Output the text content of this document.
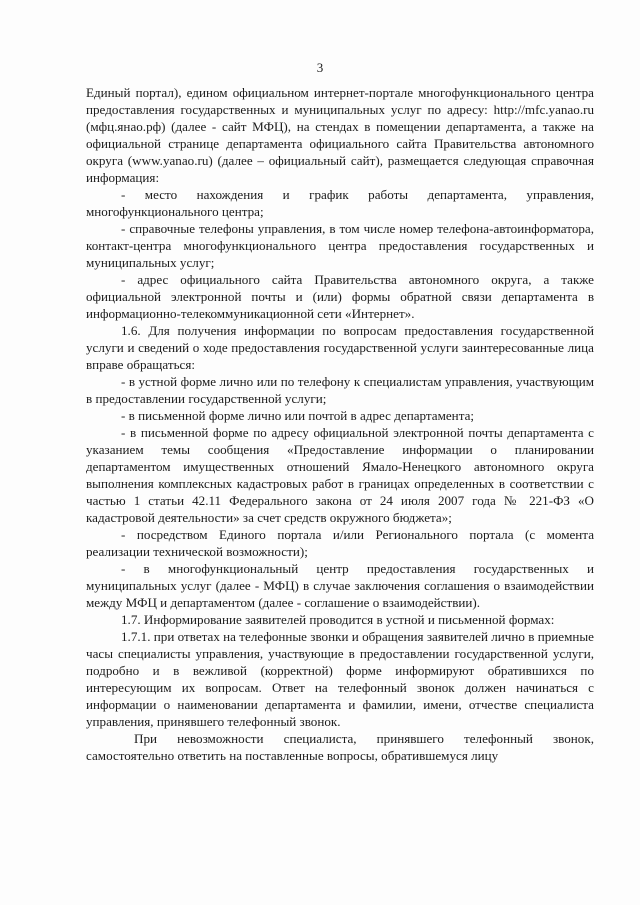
3

Единый портал), едином официальном интернет-портале многофункционального центра предоставления государственных и муниципальных услуг по адресу: http://mfc.yanao.ru (мфц.янао.рф) (далее - сайт МФЦ), на стендах в помещении департамента, а также на официальной странице департамента официального сайта Правительства автономного округа (www.yanao.ru) (далее – официальный сайт), размещается следующая справочная информация:

- место нахождения и график работы департамента, управления, многофункционального центра;

- справочные телефоны управления, в том числе номер телефона-автоинформатора, контакт-центра многофункционального центра предоставления государственных и муниципальных услуг;

- адрес официального сайта Правительства автономного округа, а также официальной электронной почты и (или) формы обратной связи департамента в информационно-телекоммуникационной сети «Интернет».

1.6. Для получения информации по вопросам предоставления государственной услуги и сведений о ходе предоставления государственной услуги заинтересованные лица вправе обращаться:

- в устной форме лично или по телефону к специалистам управления, участвующим в предоставлении государственной услуги;

- в письменной форме лично или почтой в адрес департамента;

- в письменной форме по адресу официальной электронной почты департамента с указанием темы сообщения «Предоставление информации о планировании департаментом имущественных отношений Ямало-Ненецкого автономного округа выполнения комплексных кадастровых работ в границах определенных в соответствии с частью 1 статьи 42.11 Федерального закона от 24 июля 2007 года № 221-ФЗ «О кадастровой деятельности» за счет средств окружного бюджета»;

- посредством Единого портала и/или Регионального портала (с момента реализации технической возможности);

- в многофункциональный центр предоставления государственных и муниципальных услуг (далее - МФЦ) в случае заключения соглашения о взаимодействии между МФЦ и департаментом (далее - соглашение о взаимодействии).

1.7. Информирование заявителей проводится в устной и письменной формах:

1.7.1. при ответах на телефонные звонки и обращения заявителей лично в приемные часы специалисты управления, участвующие в предоставлении государственной услуги, подробно и в вежливой (корректной) форме информируют обратившихся по интересующим их вопросам. Ответ на телефонный звонок должен начинаться с информации о наименовании департамента и фамилии, имени, отчестве специалиста управления, принявшего телефонный звонок.

При невозможности специалиста, принявшего телефонный звонок, самостоятельно ответить на поставленные вопросы, обратившемуся лицу
